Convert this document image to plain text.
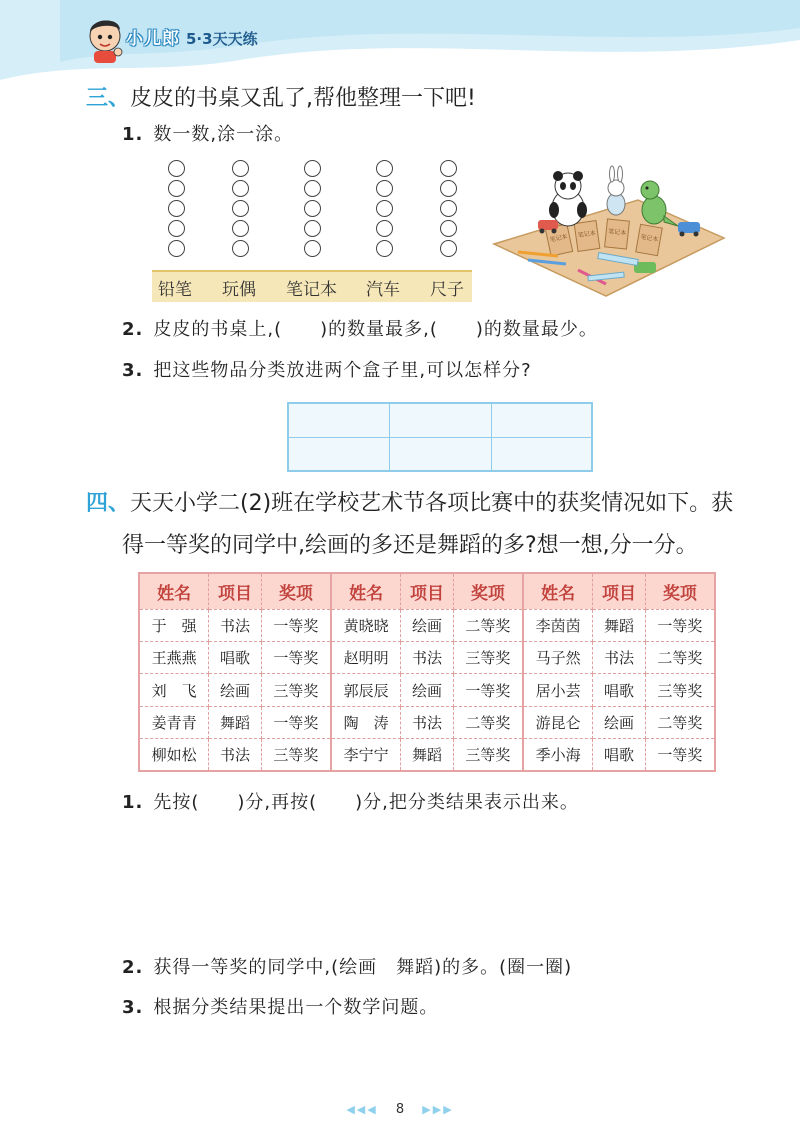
小儿郎 5·3天天练
三、皮皮的书桌又乱了,帮他整理一下吧!
1. 数一数,涂一涂。
铅笔 玩偶 笔记本 汽车 尺子
笔记本 笔记本 笔记本
笔记本
2. 皮皮的书桌上,(　　)的数量最多,(　　)的数量最少。
3. 把这些物品分类放进两个盒子里,可以怎样分?
四、天天小学二(2)班在学校艺术节各项比赛中的获奖情况如下。获
得一等奖的同学中,绘画的多还是舞蹈的多?想一想,分一分。
姓名	项目	奖项	姓名	项目	奖项	姓名	项目	奖项
于　强	书法	一等奖	黄晓晓	绘画	二等奖	李茵茵	舞蹈	一等奖
王燕燕	唱歌	一等奖	赵明明	书法	三等奖	马子然	书法	二等奖
刘　飞	绘画	三等奖	郭辰辰	绘画	一等奖	居小芸	唱歌	三等奖
姜青青	舞蹈	一等奖	陶　涛	书法	二等奖	游昆仑	绘画	二等奖
柳如松	书法	三等奖	李宁宁	舞蹈	三等奖	季小海	唱歌	一等奖
1. 先按(　　)分,再按(　　)分,把分类结果表示出来。
2. 获得一等奖的同学中,(绘画　舞蹈)的多。(圈一圈)
3. 根据分类结果提出一个数学问题。
◀◀◀ 8 ▶▶▶
